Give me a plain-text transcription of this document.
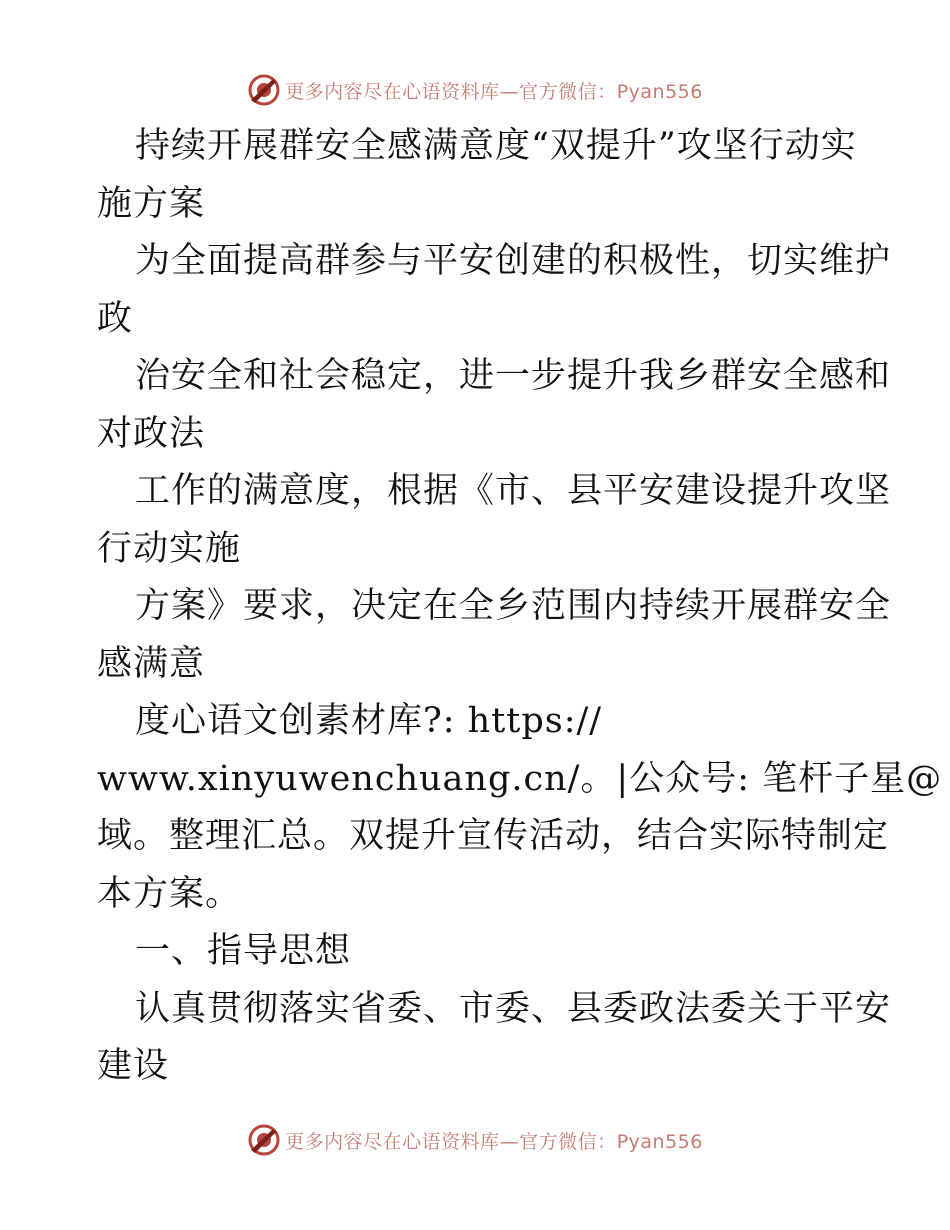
更多内容尽在心语资料库—官方微信：Pyan556
持续开展群安全感满意度“双提升”攻坚行动实
施方案
为全面提高群参与平安创建的积极性，切实维护
政
治安全和社会稳定，进一步提升我乡群安全感和
对政法
工作的满意度，根据《市、县平安建设提升攻坚
行动实施
方案》要求，决定在全乡范围内持续开展群安全
感满意
度心语文创素材库?: https://
www.xinyuwenchuang.cn/。|公众号: 笔杆子星@
域。整理汇总。双提升宣传活动，结合实际特制定
本方案。
一、指导思想
认真贯彻落实省委、市委、县委政法委关于平安
建设
更多内容尽在心语资料库—官方微信：Pyan556
